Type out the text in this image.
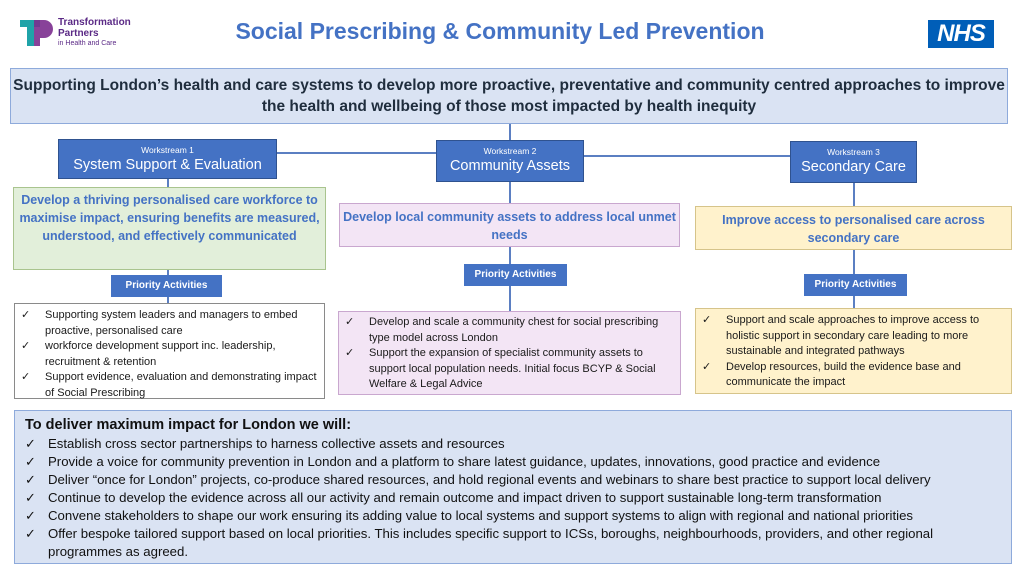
Transformation
Partners
in Health and Care	Social Prescribing & Community Led Prevention	NHS
Supporting London’s health and care systems to develop more proactive, preventative and community centred approaches to improve the health and wellbeing of those most impacted by health inequity
Workstream 1
System Support & Evaluation
Develop a thriving personalised care workforce to maximise impact, ensuring benefits are measured, understood, and effectively communicated
Priority Activities
✓ Supporting system leaders and managers to embed proactive, personalised care
✓ workforce development support inc. leadership, recruitment & retention
✓ Support evidence, evaluation and demonstrating impact of Social Prescribing
Workstream 2
Community Assets
Develop local community assets to address local unmet needs
Priority Activities
✓ Develop and scale a community chest for social prescribing type model across London
✓ Support the expansion of specialist community assets to support local population needs. Initial focus BCYP & Social Welfare & Legal Advice
Workstream 3
Secondary Care
Improve access to personalised care across secondary care
Priority Activities
✓ Support and scale approaches to improve access to holistic support in secondary care leading to more sustainable and integrated pathways
✓ Develop resources, build the evidence base and communicate the impact
To deliver maximum impact for London we will:
✓ Establish cross sector partnerships to harness collective assets and resources
✓ Provide a voice for community prevention in London and a platform to share latest guidance, updates, innovations, good practice and evidence
✓ Deliver “once for London” projects, co-produce shared resources, and hold regional events and webinars to share best practice to support local delivery
✓ Continue to develop the evidence across all our activity and remain outcome and impact driven to support sustainable long-term transformation
✓ Convene stakeholders to shape our work ensuring its adding value to local systems and support systems to align with regional and national priorities
✓ Offer bespoke tailored support based on local priorities. This includes specific support to ICSs, boroughs, neighbourhoods, providers, and other regional programmes as agreed.
